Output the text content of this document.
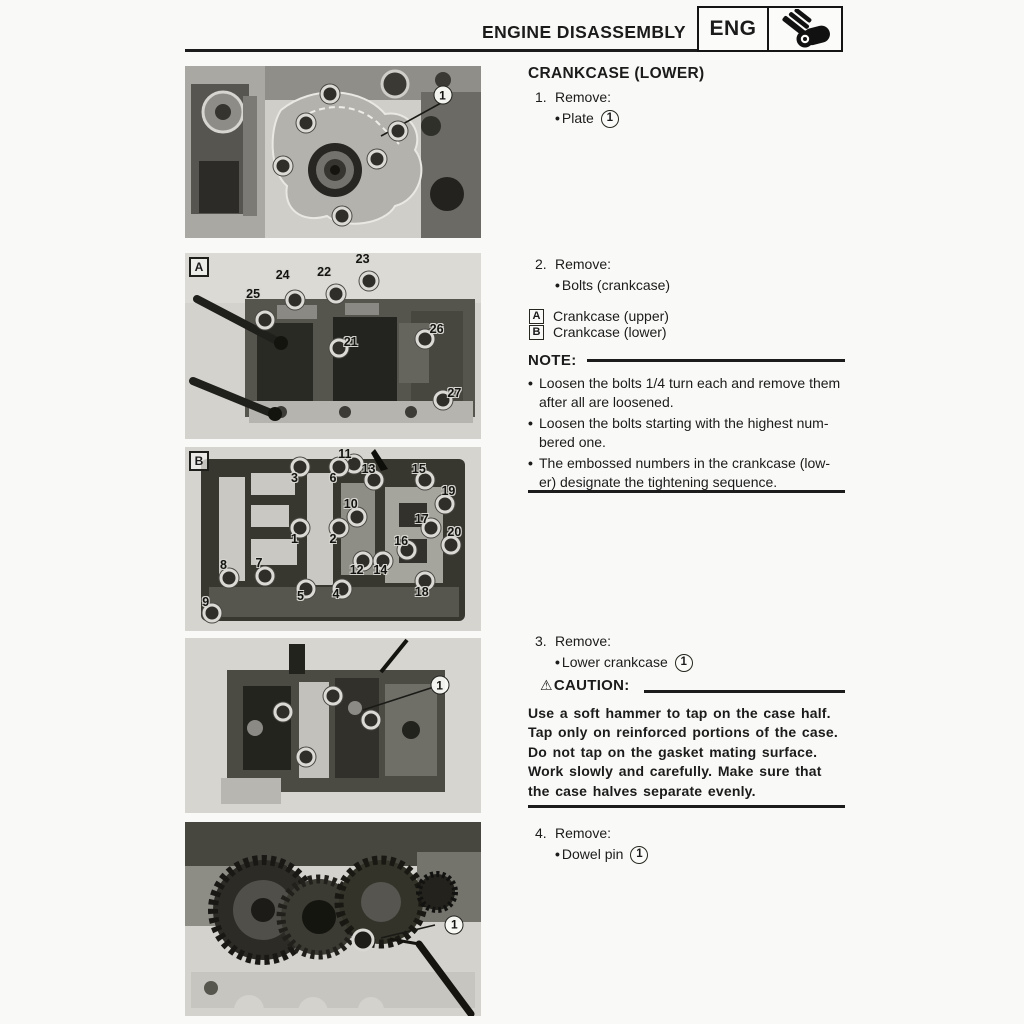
ENGINE DISASSEMBLY	ENG
1
A
23
22
24
25
21
26
27
B	11
13	15
3	6
19
10
17
20
16
1	2
8 7
12 14
5 4	18
9
1
1
CRANKCASE (LOWER)
1. Remove:
• Plate	1
2. Remove:
• Bolts (crankcase)
A Crankcase (upper)
B Crankcase (lower)
NOTE:
• Loosen the bolts 1/4 turn each and remove them
after all are loosened.
• Loosen the bolts starting with the highest num-
bered one.
• The embossed numbers in the crankcase (low-
er) designate the tightening sequence.
3. Remove:
• Lower crankcase	1
⚠ CAUTION:
Use a soft hammer to tap on the case half.
Tap only on reinforced portions of the case.
Do not tap on the gasket mating surface.
Work slowly and carefully. Make sure that
the case halves separate evenly.
4. Remove:
• Dowel pin	1
